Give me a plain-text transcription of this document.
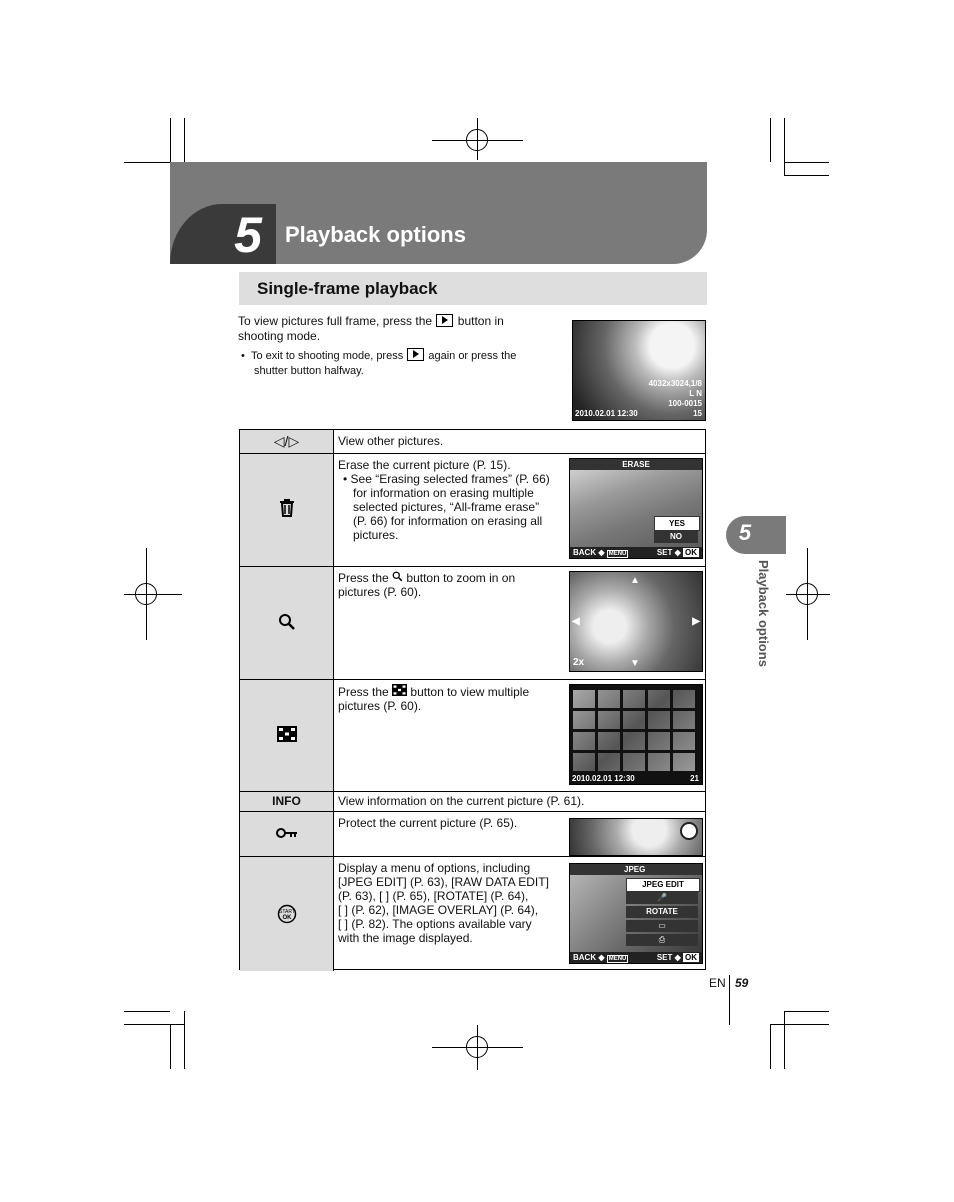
5	Playback options
Single-frame playback
To view pictures full frame, press the button in
shooting mode.
•  To exit to shooting mode, press again or press the
shutter button halfway.
4032x3024,1/8
L N
100-0015
2010.02.01 12:30	15
◁/▷	View other pictures.
Erase the current picture (P. 15).
• See “Erasing selected frames” (P. 66)
for information on erasing multiple
selected pictures, “All-frame erase”
(P. 66) for information on erasing all
pictures.
ERASE
YES
NO
BACK ◆ MENU	SET ◆ OK
Press the button to zoom in on
pictures (P. 60).
▲
▼
◀	▶
2x
Press the button to view multiple
pictures (P. 60).
2010.02.01 12:30	21
INFO	View information on the current picture (P. 61).
Protect the current picture (P. 65).
START
OK
Display a menu of options, including
[JPEG EDIT] (P. 63), [RAW DATA EDIT]
(P. 63), [ ] (P. 65), [ROTATE] (P. 64),
[ ] (P. 62), [IMAGE OVERLAY] (P. 64),
[ ] (P. 82). The options available vary
with the image displayed.
JPEG
JPEG EDIT
🎤
ROTATE
▭
⎙
BACK ◆ MENU	SET ◆ OK
5
Playback options
EN 59
